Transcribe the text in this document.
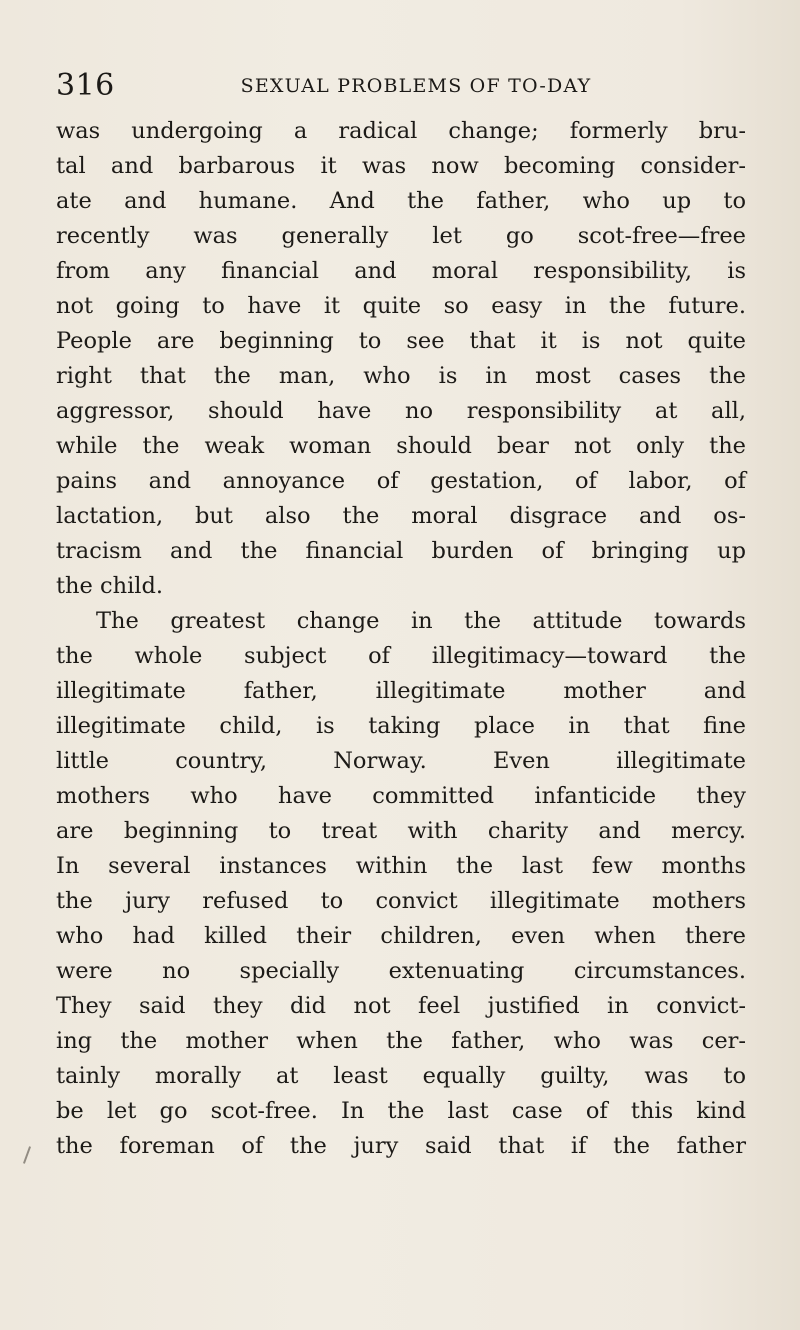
316	SEXUAL PROBLEMS OF TO-DAY
was undergoing a radical change; formerly bru-
tal and barbarous it was now becoming consider-
ate and humane. And the father, who up to
recently was generally let go scot-free—free
from any financial and moral responsibility, is
not going to have it quite so easy in the future.
People are beginning to see that it is not quite
right that the man, who is in most cases the
aggressor, should have no responsibility at all,
while the weak woman should bear not only the
pains and annoyance of gestation, of labor, of
lactation, but also the moral disgrace and os-
tracism and the financial burden of bringing up
the child.
The greatest change in the attitude towards
the whole subject of illegitimacy—toward the
illegitimate father, illegitimate mother and
illegitimate child, is taking place in that fine
little country, Norway. Even illegitimate
mothers who have committed infanticide they
are beginning to treat with charity and mercy.
In several instances within the last few months
the jury refused to convict illegitimate mothers
who had killed their children, even when there
were no specially extenuating circumstances.
They said they did not feel justified in convict-
ing the mother when the father, who was cer-
tainly morally at least equally guilty, was to
be let go scot-free. In the last case of this kind
the foreman of the jury said that if the father
